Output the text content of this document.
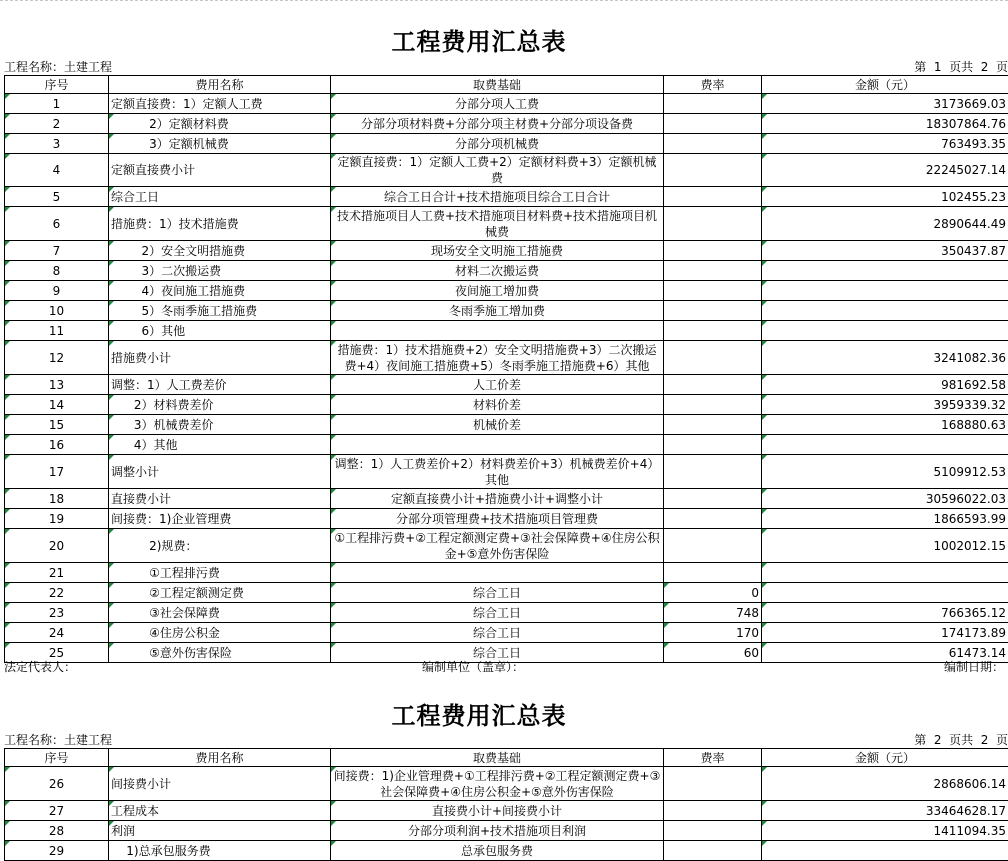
工程费用汇总表
工程名称：土建工程	第  1  页共  2  页
序号	费用名称	取费基础	费率	金额（元）
1	定额直接费：1）定额人工费	分部分项人工费		3173669.03
2	2）定额材料费	分部分项材料费+分部分项主材费+分部分项设备费		18307864.76
3	3）定额机械费	分部分项机械费		763493.35
4	定额直接费小计	定额直接费：1）定额人工费+2）定额材料费+3）定额机械费		22245027.14
5	综合工日	综合工日合计+技术措施项目综合工日合计		102455.23
6	措施费：1）技术措施费	技术措施项目人工费+技术措施项目材料费+技术措施项目机械费		2890644.49
7	2）安全文明措施费	现场安全文明施工措施费		350437.87
8	3）二次搬运费	材料二次搬运费		
9	4）夜间施工措施费	夜间施工增加费		
10	5）冬雨季施工措施费	冬雨季施工增加费		
11	6）其他			
12	措施费小计	措施费：1）技术措施费+2）安全文明措施费+3）二次搬运费+4）夜间施工措施费+5）冬雨季施工措施费+6）其他		3241082.36
13	调整：1）人工费差价	人工价差		981692.58
14	2）材料费差价	材料价差		3959339.32
15	3）机械费差价	机械价差		168880.63
16	4）其他			
17	调整小计	调整：1）人工费差价+2）材料费差价+3）机械费差价+4）其他		5109912.53
18	直接费小计	定额直接费小计+措施费小计+调整小计		30596022.03
19	间接费：1)企业管理费	分部分项管理费+技术措施项目管理费		1866593.99
20	2)规费：	①工程排污费+②工程定额测定费+③社会保障费+④住房公积金+⑤意外伤害保险		1002012.15
21	①工程排污费			
22	②工程定额测定费	综合工日	0	
23	③社会保障费	综合工日	748	766365.12
24	④住房公积金	综合工日	170	174173.89
25	⑤意外伤害保险	综合工日	60	61473.14
法定代表人：	编制单位（盖章）：	编制日期：
工程费用汇总表
工程名称：土建工程	第  2  页共  2  页
序号	费用名称	取费基础	费率	金额（元）
26	间接费小计	间接费：1)企业管理费+①工程排污费+②工程定额测定费+③社会保障费+④住房公积金+⑤意外伤害保险		2868606.14
27	工程成本	直接费小计+间接费小计		33464628.17
28	利润	分部分项利润+技术措施项目利润		1411094.35
29	1)总承包服务费	总承包服务费		
